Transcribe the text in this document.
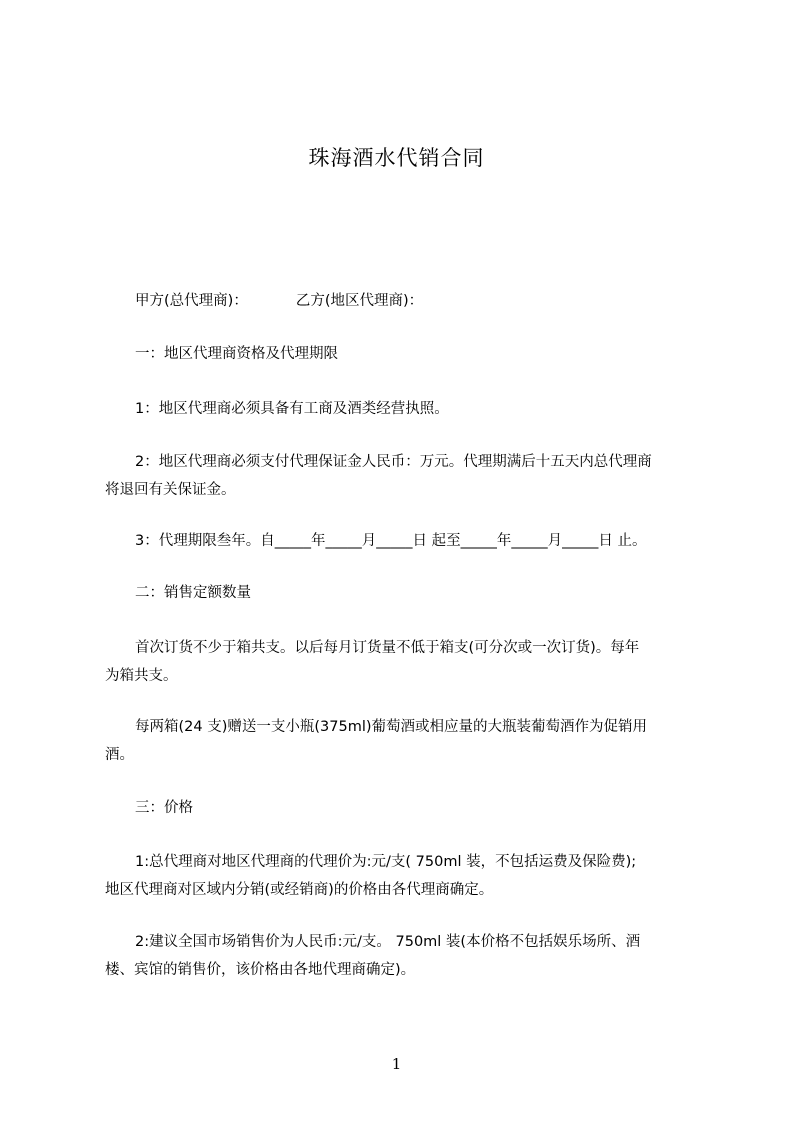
珠海酒水代销合同
甲方(总代理商)：	乙方(地区代理商)：
一：地区代理商资格及代理期限
1：地区代理商必须具备有工商及酒类经营执照。
2：地区代理商必须支付代理保证金人民币：万元。代理期满后十五天内总代理商
将退回有关保证金。
3：代理期限叁年。自_____年_____月_____日 起至_____年_____月_____日 止。
二：销售定额数量
首次订货不少于箱共支。以后每月订货量不低于箱支(可分次或一次订货)。每年
为箱共支。
每两箱(24 支)赠送一支小瓶(375ml)葡萄酒或相应量的大瓶装葡萄酒作为促销用
酒。
三：价格
1:总代理商对地区代理商的代理价为:元/支( 750ml 装，不包括运费及保险费);
地区代理商对区域内分销(或经销商)的价格由各代理商确定。
2:建议全国市场销售价为人民币:元/支。 750ml 装(本价格不包括娱乐场所、酒
楼、宾馆的销售价，该价格由各地代理商确定)。
1
